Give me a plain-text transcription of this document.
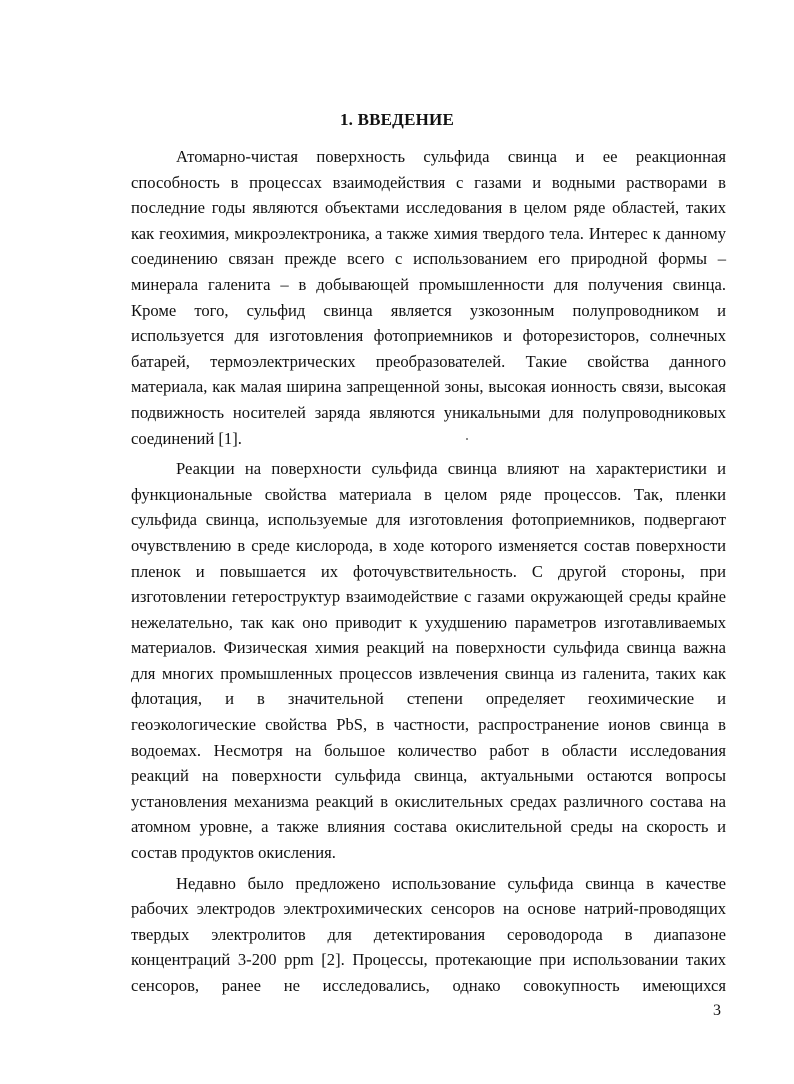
1. ВВЕДЕНИЕ
Атомарно-чистая поверхность сульфида свинца и ее реакционная
способность в процессах взаимодействия с газами и водными растворами в
последние годы являются объектами исследования в целом ряде областей, таких
как геохимия, микроэлектроника, а также химия твердого тела. Интерес к данному
соединению связан прежде всего с использованием его природной формы –
минерала галенита – в добывающей промышленности для получения свинца.
Кроме того, сульфид свинца является узкозонным полупроводником и
используется для изготовления фотоприемников и фоторезисторов, солнечных
батарей, термоэлектрических преобразователей. Такие свойства данного
материала, как малая ширина запрещенной зоны, высокая ионность связи, высокая
подвижность носителей заряда являются уникальными для полупроводниковых
соединений [1].
Реакции на поверхности сульфида свинца влияют на характеристики и
функциональные свойства материала в целом ряде процессов. Так, пленки
сульфида свинца, используемые для изготовления фотоприемников, подвергают
очувствлению в среде кислорода, в ходе которого изменяется состав поверхности
пленок и повышается их фоточувствительность. С другой стороны, при
изготовлении гетероструктур взаимодействие с газами окружающей среды крайне
нежелательно, так как оно приводит к ухудшению параметров изготавливаемых
материалов. Физическая химия реакций на поверхности сульфида свинца важна
для многих промышленных процессов извлечения свинца из галенита, таких как
флотация, и в значительной степени определяет геохимические и
геоэкологические свойства PbS, в частности, распространение ионов свинца в
водоемах. Несмотря на большое количество работ в области исследования
реакций на поверхности сульфида свинца, актуальными остаются вопросы
установления механизма реакций в окислительных средах различного состава на
атомном уровне, а также влияния состава окислительной среды на скорость и
состав продуктов окисления.
Недавно было предложено использование сульфида свинца в качестве
рабочих электродов электрохимических сенсоров на основе натрий-проводящих
твердых электролитов для детектирования сероводорода в диапазоне
концентраций 3-200 ppm [2]. Процессы, протекающие при использовании таких
сенсоров, ранее не исследовались, однако совокупность имеющихся

3
